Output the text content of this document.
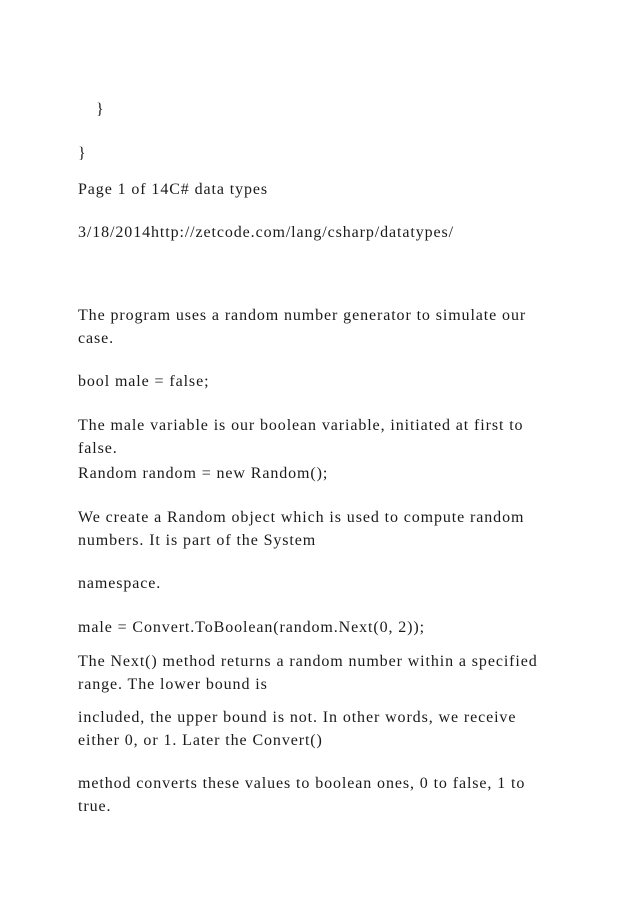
}

}

Page 1 of 14C# data types

3/18/2014http://zetcode.com/lang/csharp/datatypes/

The program uses a random number generator to simulate our case.

bool male = false;

The male variable is our boolean variable, initiated at first to false.

Random random = new Random();

We create a Random object which is used to compute random numbers. It is part of the System

namespace.

male = Convert.ToBoolean(random.Next(0, 2));

The Next() method returns a random number within a specified range. The lower bound is

included, the upper bound is not. In other words, we receive either 0, or 1. Later the Convert()

method converts these values to boolean ones, 0 to false, 1 to true.
